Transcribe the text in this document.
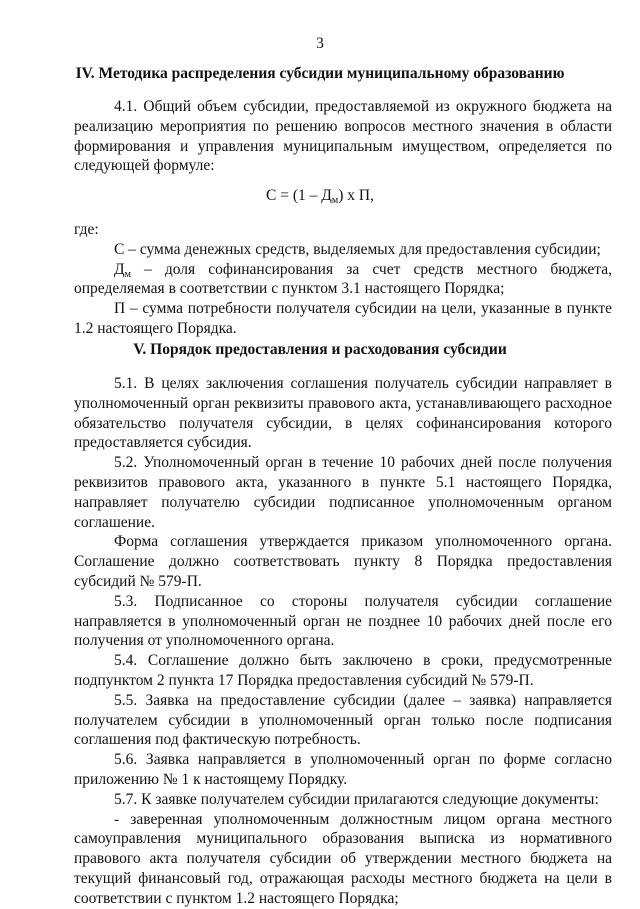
3
IV. Методика распределения субсидии муниципальному образованию

4.1. Общий объем субсидии, предоставляемой из окружного бюджета на реализацию мероприятия по решению вопросов местного значения в области формирования и управления муниципальным имуществом, определяется по следующей формуле:

$С = (1 - Д_м)$ x П,

где:

С – сумма денежных средств, выделяемых для предоставления субсидии;

$Д_м$ – доля софинансирования за счет средств местного бюджета, определяемая в соответствии с пунктом 3.1 настоящего Порядка;

П – сумма потребности получателя субсидии на цели, указанные в пункте 1.2 настоящего Порядка.

V. Порядок предоставления и расходования субсидии

5.1. В целях заключения соглашения получатель субсидии направляет в уполномоченный орган реквизиты правового акта, устанавливающего расходное обязательство получателя субсидии, в целях софинансирования которого предоставляется субсидия.

5.2. Уполномоченный орган в течение 10 рабочих дней после получения реквизитов правового акта, указанного в пункте 5.1 настоящего Порядка, направляет получателю субсидии подписанное уполномоченным органом соглашение.

Форма соглашения утверждается приказом уполномоченного органа. Соглашение должно соответствовать пункту 8 Порядка предоставления субсидий № 579-П.

5.3. Подписанное со стороны получателя субсидии соглашение направляется в уполномоченный орган не позднее 10 рабочих дней после его получения от уполномоченного органа.

5.4. Соглашение должно быть заключено в сроки, предусмотренные подпунктом 2 пункта 17 Порядка предоставления субсидий № 579-П.

5.5. Заявка на предоставление субсидии (далее – заявка) направляется получателем субсидии в уполномоченный орган только после подписания соглашения под фактическую потребность.

5.6. Заявка направляется в уполномоченный орган по форме согласно приложению № 1 к настоящему Порядку.

5.7. К заявке получателем субсидии прилагаются следующие документы:

- заверенная уполномоченным должностным лицом органа местного самоуправления муниципального образования выписка из нормативного правового акта получателя субсидии об утверждении местного бюджета на текущий финансовый год, отражающая расходы местного бюджета на цели в соответствии с пунктом 1.2 настоящего Порядка;
